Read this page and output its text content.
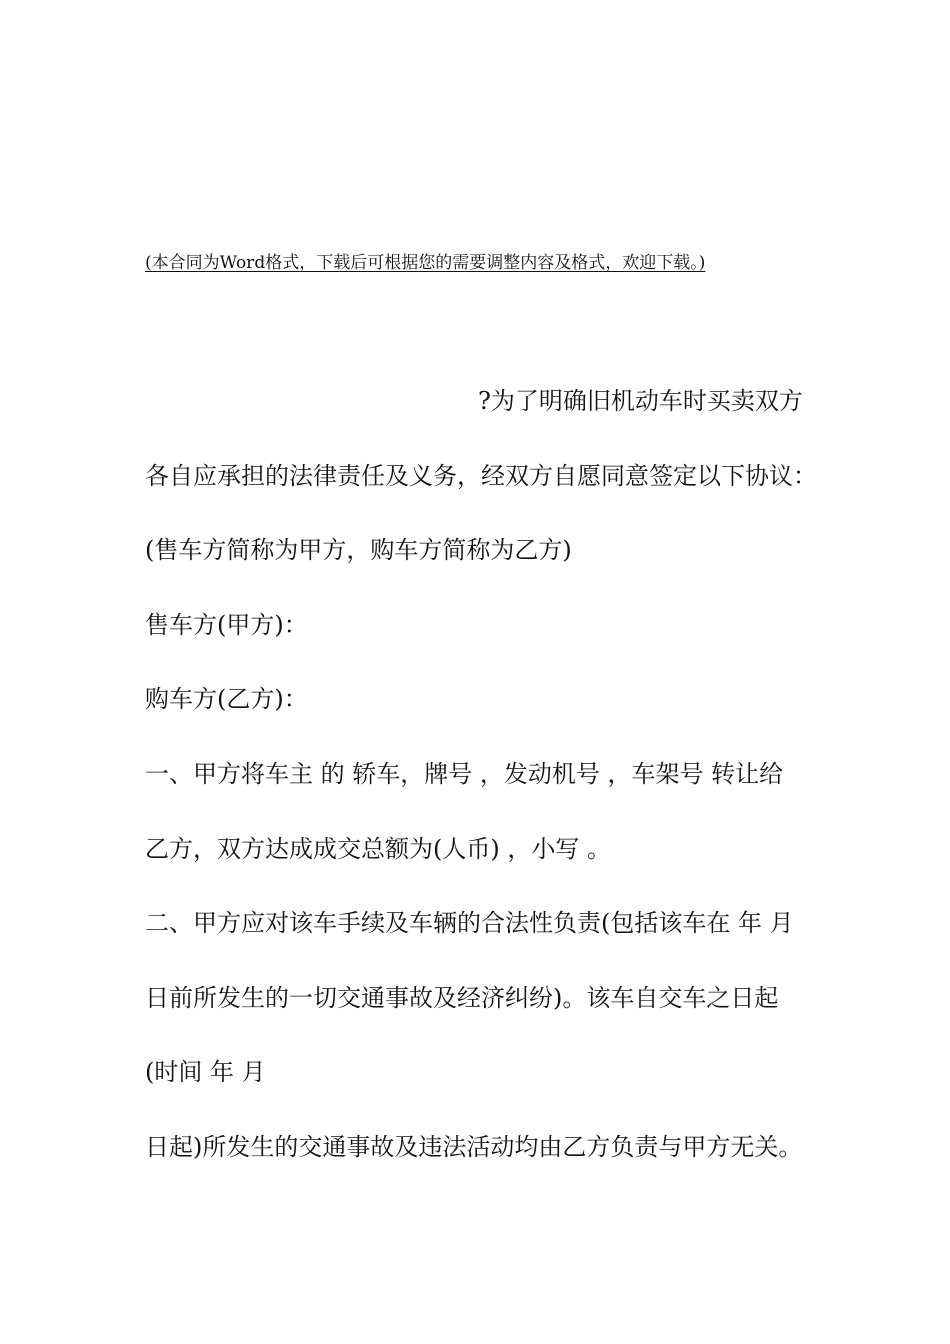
(本合同为Word格式，下载后可根据您的需要调整内容及格式，欢迎下载。)
?为了明确旧机动车时买卖双方
各自应承担的法律责任及义务，经双方自愿同意签定以下协议：
(售车方简称为甲方，购车方简称为乙方)
售车方(甲方)：
购车方(乙方)：
一、甲方将车主 的 轿车，牌号 ，发动机号 ，车架号 转让给
乙方，双方达成成交总额为(人币) ，小写 。
二、甲方应对该车手续及车辆的合法性负责(包括该车在 年 月
日前所发生的一切交通事故及经济纠纷)。该车自交车之日起
(时间 年 月
日起)所发生的交通事故及违法活动均由乙方负责与甲方无关。
